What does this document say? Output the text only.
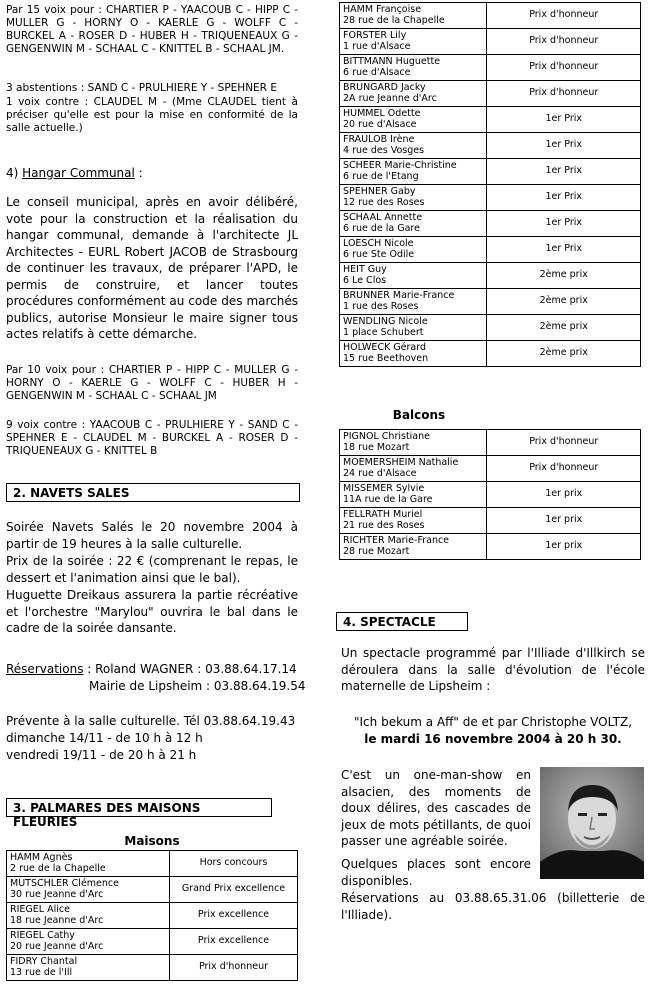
Par 15 voix pour : CHARTIER P - YAACOUB C - HIPP C - MULLER G - HORNY O - KAERLE G - WOLFF C - BURCKEL A - ROSER D - HUBER H - TRIQUENEAUX G - GENGENWIN M - SCHAAL C - KNITTEL B - SCHAAL JM.
3 abstentions : SAND C - PRULHIERE Y - SPEHNER E
1 voix contre : CLAUDEL M - (Mme CLAUDEL tient à préciser qu'elle est pour la mise en conformité de la salle actuelle.)
4) Hangar Communal :
Le conseil municipal, après en avoir délibéré, vote pour la construction et la réalisation du hangar communal, demande à l'architecte JL Architectes - EURL Robert JACOB de Strasbourg de continuer les travaux, de préparer l'APD, le permis de construire, et lancer toutes procédures conformément au code des marchés publics, autorise Monsieur le maire signer tous actes relatifs à cette démarche.
Par 10 voix pour : CHARTIER P - HIPP C - MULLER G - HORNY O - KAERLE G - WOLFF C - HUBER H - GENGENWIN M - SCHAAL C - SCHAAL JM
9 voix contre : YAACOUB C - PRULHIERE Y - SAND C - SPEHNER E - CLAUDEL M - BURCKEL A - ROSER D - TRIQUENEAUX G - KNITTEL B
2. NAVETS SALES
Soirée Navets Salés le 20 novembre 2004 à partir de 19 heures à la salle culturelle.
Prix de la soirée : 22 € (comprenant le repas, le dessert et l'animation ainsi que le bal).
Huguette Dreikaus assurera la partie récréative et l'orchestre "Marylou" ouvrira le bal dans le cadre de la soirée dansante.
Réservations : Roland WAGNER : 03.88.64.17.14
Mairie de Lipsheim : 03.88.64.19.54
Prévente à la salle culturelle. Tél 03.88.64.19.43
dimanche 14/11 - de 10 h à 12 h
vendredi 19/11 - de 20 h à 21 h
3. PALMARES DES MAISONS FLEURIES
Maisons
HAMM Agnès
2 rue de la Chapelle	Hors concours

MUTSCHLER Clémence
30 rue Jeanne d'Arc	Grand Prix excellence

RIEGEL Alice
18 rue Jeanne d'Arc	Prix excellence

RIEGEL Cathy
20 rue Jeanne d'Arc	Prix excellence

FIDRY Chantal
13 rue de l'Ill	Prix d'honneur
HAMM Françoise
28 rue de la Chapelle	Prix d'honneur

FORSTER Lily
1 rue d'Alsace	Prix d'honneur

BITTMANN Huguette
6 rue d'Alsace	Prix d'honneur

BRUNGARD Jacky
2A rue Jeanne d'Arc	Prix d'honneur

HUMMEL Odette
20 rue d'Alsace	1er Prix

FRAULOB Irène
4 rue des Vosges	1er Prix

SCHEER Marie-Christine
6 rue de l'Etang	1er Prix

SPEHNER Gaby
12 rue des Roses	1er Prix

SCHAAL Annette
6 rue de la Gare	1er Prix

LOESCH Nicole
6 rue Ste Odile	1er Prix

HEIT Guy
6 Le Clos	2ème prix

BRUNNER Marie-France
1 rue des Roses	2ème prix

WENDLING Nicole
1 place Schubert	2ème prix

HOLWECK Gérard
15 rue Beethoven	2ème prix
Balcons
PIGNOL Christiane
18 rue Mozart	Prix d'honneur

MOEMERSHEIM Nathalie
24 rue d'Alsace	Prix d'honneur

MISSEMER Sylvie
11A rue de la Gare	1er prix

FELLRATH Muriel
21 rue des Roses	1er prix

RICHTER Marie-France
28 rue Mozart	1er prix
4. SPECTACLE
Un spectacle programmé par l'Illiade d'Illkirch se déroulera dans la salle d'évolution de l'école maternelle de Lipsheim :
"Ich bekum a Aff" de et par Christophe VOLTZ,
le mardi 16 novembre 2004 à 20 h 30.
C'est un one-man-show en alsacien, des moments de doux délires, des cascades de jeux de mots pétillants, de quoi passer une agréable soirée.
Quelques places sont encore disponibles.
Réservations au 03.88.65.31.06 (billetterie de l'Illiade).
